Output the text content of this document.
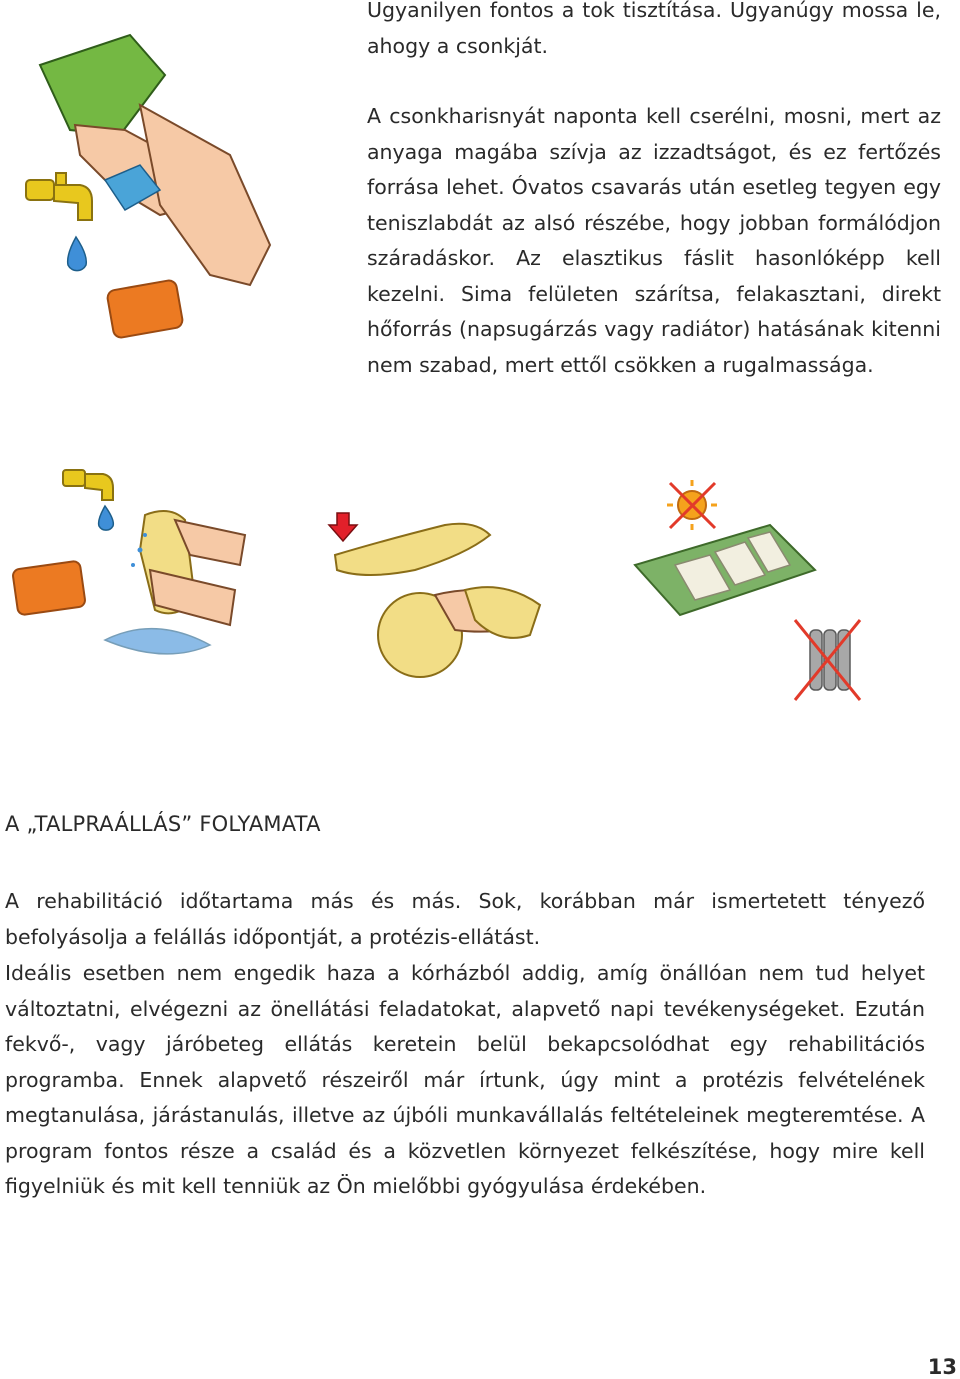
Ugyanilyen fontos a tok tisztítása. Ugyanúgy mossa le, ahogy a csonkját.

A csonkharisnyát naponta kell cserélni, mosni, mert az anyaga magába szívja az izzadtságot, és ez fertőzés forrása lehet. Óvatos csavarás után esetleg tegyen egy teniszlabdát az alsó részébe, hogy jobban formálódjon száradáskor. Az elasztikus fáslit hasonlóképp kell kezelni. Sima felületen szárítsa, felakasztani, direkt hőforrás (napsugárzás vagy radiátor) hatásának kitenni nem szabad, mert ettől csökken a rugalmassága.

A „TALPRAÁLLÁS” FOLYAMATA

A rehabilitáció időtartama más és más. Sok, korábban már ismertetett tényező befolyásolja a felállás időpontját, a protézis-ellátást.

Ideális esetben nem engedik haza a kórházból addig, amíg önállóan nem tud helyet változtatni, elvégezni az önellátási feladatokat, alapvető napi tevékenységeket. Ezután fekvő-, vagy járóbeteg ellátás keretein belül bekapcsolódhat egy rehabilitációs programba. Ennek alapvető részeiről már írtunk, úgy mint a protézis felvételének megtanulása, járástanulás, illetve az újbóli munkavállalás feltételeinek megteremtése. A program fontos része a család és a közvetlen környezet felkészítése, hogy mire kell figyelniük és mit kell tenniük az Ön mielőbbi gyógyulása érdekében.

13
